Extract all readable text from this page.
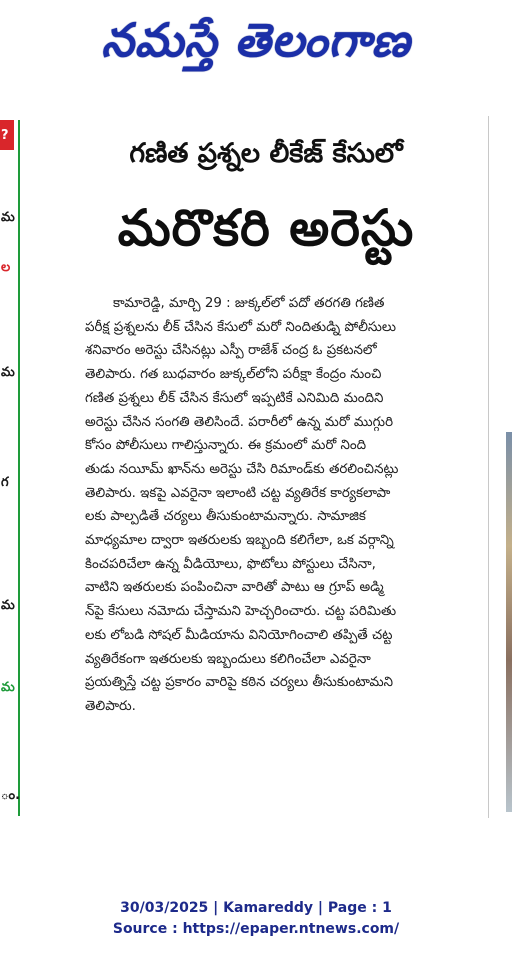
నమస్తే తెలంగాణ
?
మ
ల
మ
గ
మ
మ
ం.
గణిత ప్రశ్నల లీకేజ్ కేసులో
మరొకరి అరెస్టు
కామారెడ్డి, మార్చి 29 : జుక్కల్‌లో పదో తరగతి గణిత
పరీక్ష ప్రశ్నలను లీక్ చేసిన కేసులో మరో నిందితుడ్ని పోలీసులు
శనివారం అరెస్టు చేసినట్లు ఎస్పీ రాజేశ్ చంద్ర ఓ ప్రకటనలో
తెలిపారు. గత బుధవారం జుక్కల్‌లోని పరీక్షా కేంద్రం నుంచి
గణిత ప్రశ్నలు లీక్ చేసిన కేసులో ఇప్పటికే ఎనిమిది మందిని
అరెస్టు చేసిన సంగతి తెలిసిందే. పరారీలో ఉన్న మరో ముగ్గురి
కోసం పోలీసులు గాలిస్తున్నారు. ఈ క్రమంలో మరో నింది
తుడు నయీమ్ ఖాన్‌ను అరెస్టు చేసి రిమాండ్‌కు తరలించినట్లు
తెలిపారు. ఇకపై ఎవరైనా ఇలాంటి చట్ట వ్యతిరేక కార్యకలాపా
లకు పాల్పడితే చర్యలు తీసుకుంటామన్నారు. సామాజిక
మాధ్యమాల ద్వారా ఇతరులకు ఇబ్బంది కలిగేలా, ఒక వర్గాన్ని
కించపరిచేలా ఉన్న వీడియోలు, ఫొటోలు పోస్టులు చేసినా,
వాటిని ఇతరులకు పంపించినా వారితో పాటు ఆ గ్రూప్ అడ్మి
న్‌పై కేసులు నమోదు చేస్తామని హెచ్చరించారు. చట్ట పరిమితు
లకు లోబడి సోషల్ మీడియాను వినియోగించాలి తప్పితే చట్ట
వ్యతిరేకంగా ఇతరులకు ఇబ్బందులు కలిగించేలా ఎవరైనా
ప్రయత్నిస్తే చట్ట ప్రకారం వారిపై కఠిన చర్యలు తీసుకుంటామని
తెలిపారు.
30/03/2025 | Kamareddy | Page : 1
Source : https://epaper.ntnews.com/
